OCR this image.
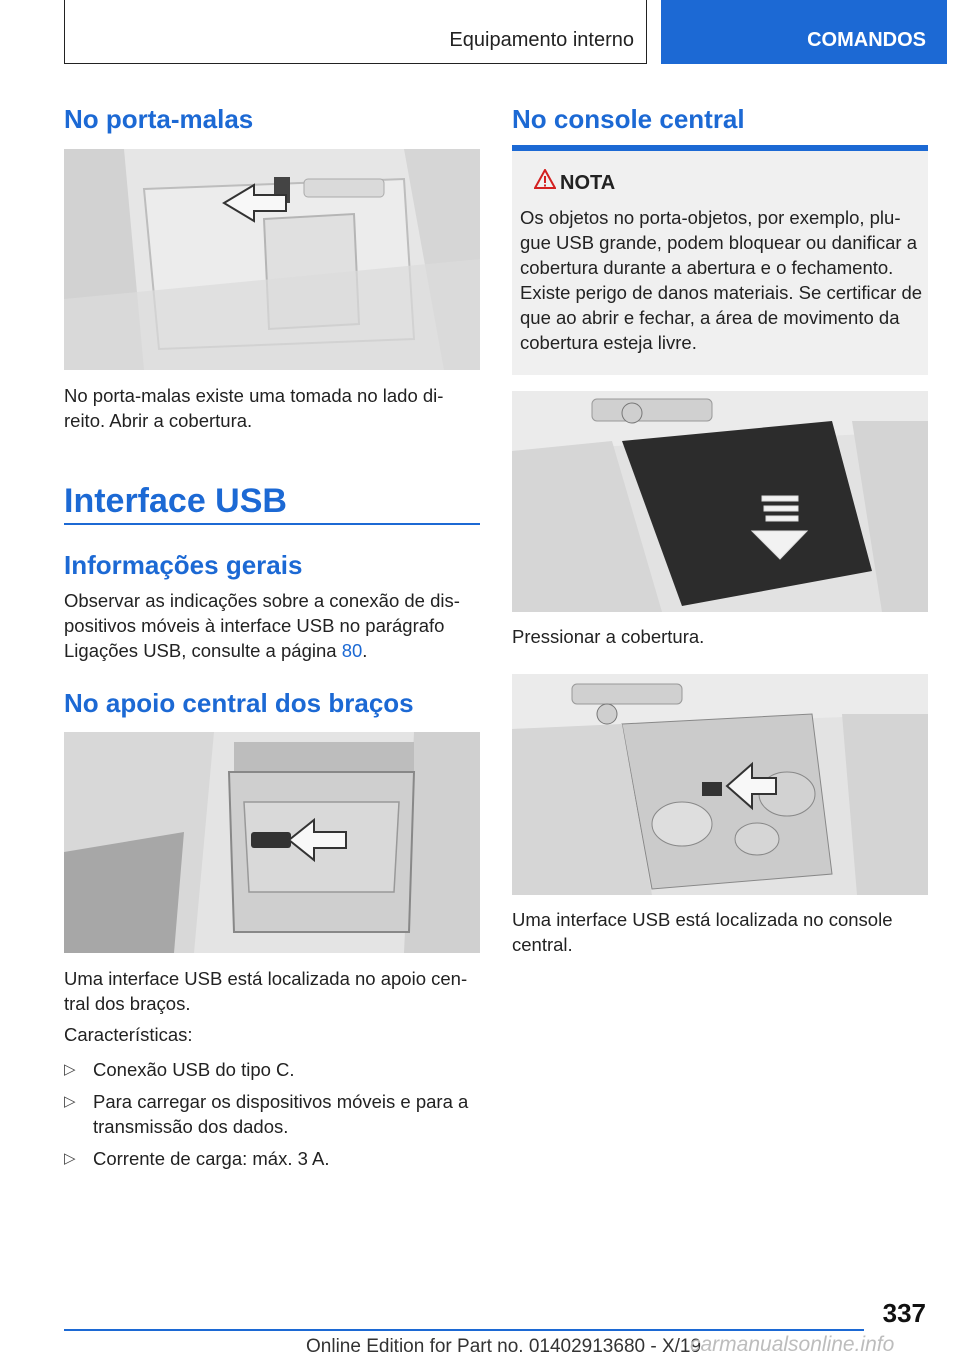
Equipamento interno	COMANDOS
No porta-malas

No porta-malas existe uma tomada no lado di-reito. Abrir a cobertura.

Interface USB
Informações gerais

Observar as indicações sobre a conexão de dis-positivos móveis à interface USB no parágrafo Ligações USB, consulte a página 80.

No apoio central dos braços

Uma interface USB está localizada no apoio cen-tral dos braços.

Características:

▷ Conexão USB do tipo C.
▷ Para carregar os dispositivos móveis e para a transmissão dos dados.
▷ Corrente de carga: máx. 3 A.
No console central
NOTA

Os objetos no porta-objetos, por exemplo, plu-gue USB grande, podem bloquear ou danificar a cobertura durante a abertura e o fechamento. Existe perigo de danos materiais. Se certificar de que ao abrir e fechar, a área de movimento da cobertura esteja livre.

Pressionar a cobertura.

Uma interface USB está localizada no console central.

337
Online Edition for Part no. 01402913680 - X/19
carmanualsonline.info
